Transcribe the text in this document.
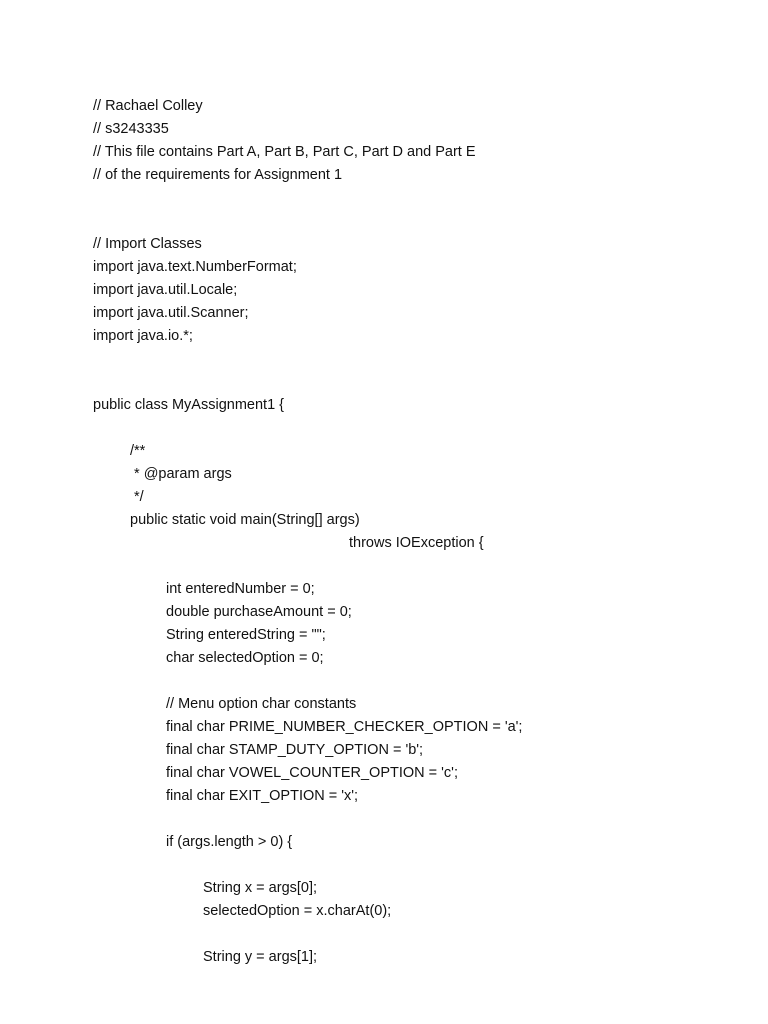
// Rachael Colley
// s3243335
// This file contains Part A, Part B, Part C, Part D and Part E
// of the requirements for Assignment 1
// Import Classes
import java.text.NumberFormat;
import java.util.Locale;
import java.util.Scanner;
import java.io.*;
public class MyAssignment1 {
/**
* @param args
*/
public static void main(String[] args)
throws IOException {
int enteredNumber = 0;
double purchaseAmount = 0;
String enteredString = "";
char selectedOption = 0;
// Menu option char constants
final char PRIME_NUMBER_CHECKER_OPTION = 'a';
final char STAMP_DUTY_OPTION = 'b';
final char VOWEL_COUNTER_OPTION = 'c';
final char EXIT_OPTION = 'x';
if (args.length > 0) {
String x = args[0];
selectedOption = x.charAt(0);
String y = args[1];
